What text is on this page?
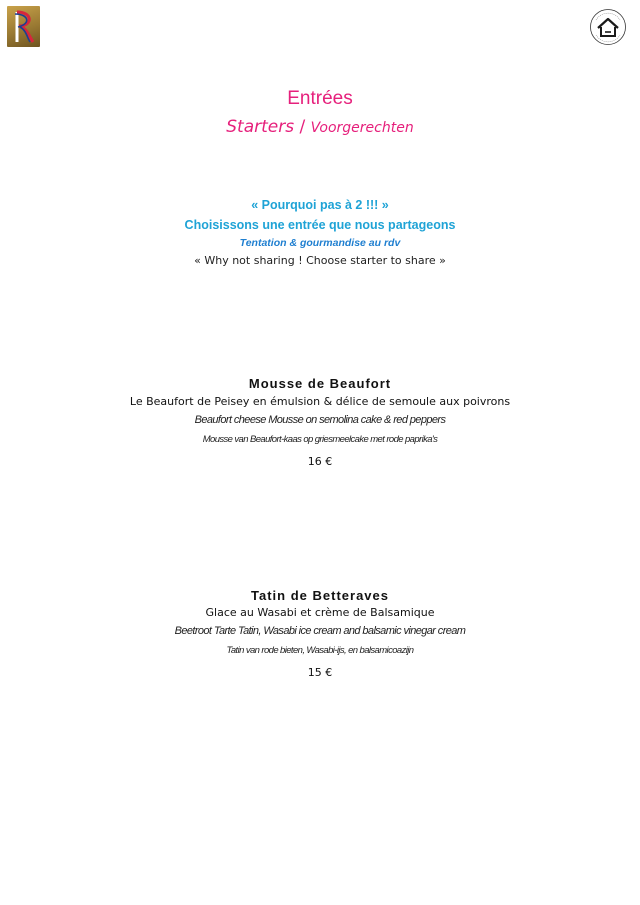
Entrées
Starters / Voorgerechten
« Pourquoi pas à 2 !!! »
Choisissons une entrée que nous partageons
Tentation & gourmandise au rdv
« Why not sharing ! Choose starter to share »
Mousse de Beaufort
Le Beaufort de Peisey en émulsion & délice de semoule aux poivrons
Beaufort cheese Mousse on semolina cake & red peppers
Mousse van Beaufort-kaas op griesmeelcake met rode paprika's
16 €
Tatin de Betteraves
Glace au Wasabi et crème de Balsamique
Beetroot Tarte Tatin, Wasabi ice cream and balsamic vinegar cream
Tatin van rode bieten, Wasabi-ijs, en balsamicoazijn
15 €
